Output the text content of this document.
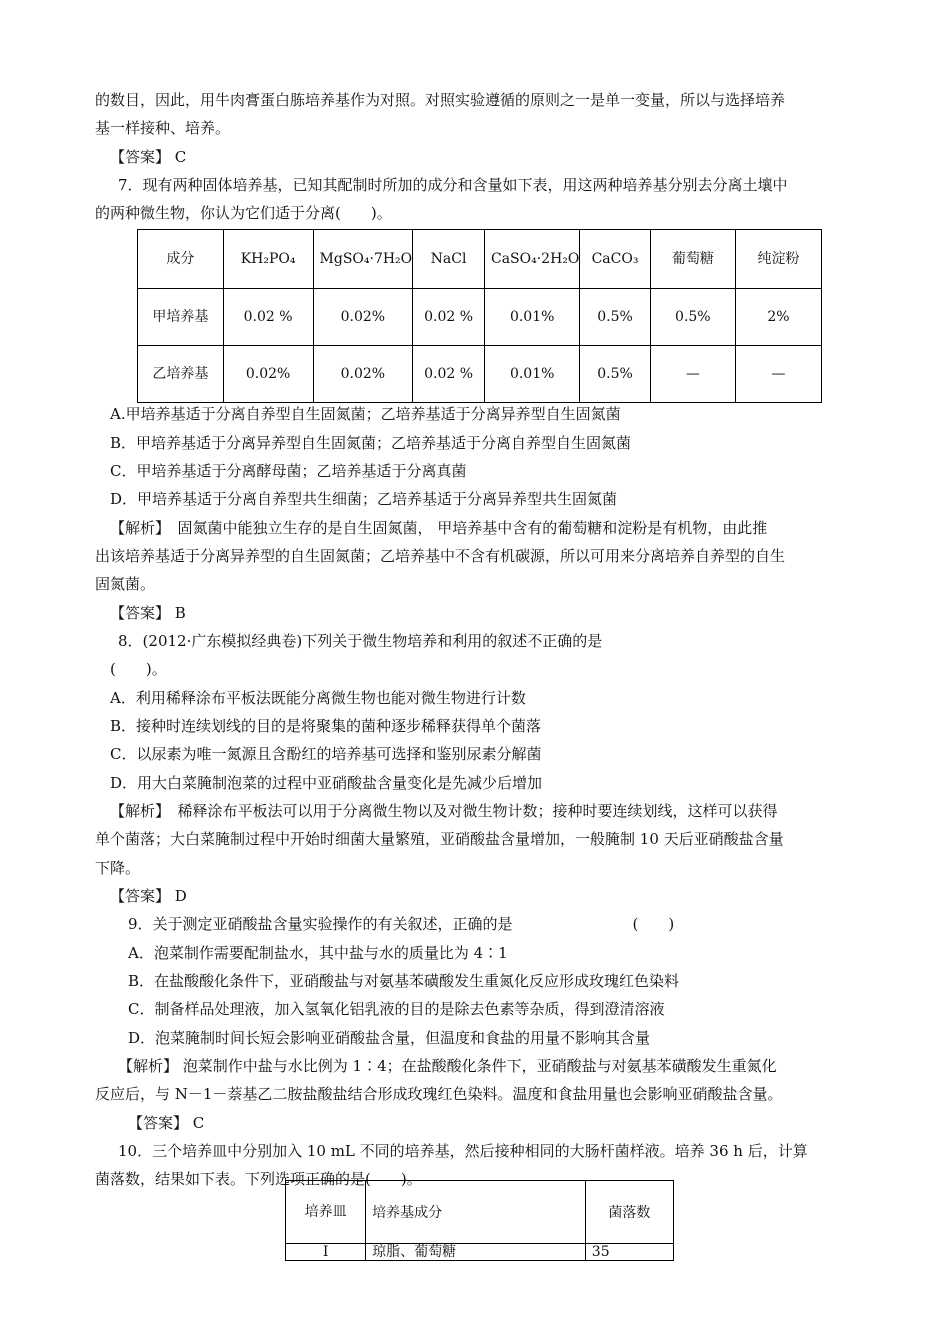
的数目，因此，用牛肉膏蛋白胨培养基作为对照。对照实验遵循的原则之一是单一变量，所以与选择培养
基一样接种、培养。
【答案】 C
7．现有两种固体培养基，已知其配制时所加的成分和含量如下表，用这两种培养基分别去分离土壤中
的两种微生物，你认为它们适于分离(　　)。
成分	KH₂PO₄	MgSO₄·7H₂O	NaCl	CaSO₄·2H₂O	CaCO₃	葡萄糖	纯淀粉
甲培养基	0.02 %	0.02%	0.02 %	0.01%	0.5%	0.5%	2%
乙培养基	0.02%	0.02%	0.02 %	0.01%	0.5%	—	—
A.甲培养基适于分离自养型自生固氮菌；乙培养基适于分离异养型自生固氮菌
B．甲培养基适于分离异养型自生固氮菌；乙培养基适于分离自养型自生固氮菌
C．甲培养基适于分离酵母菌；乙培养基适于分离真菌
D．甲培养基适于分离自养型共生细菌；乙培养基适于分离异养型共生固氮菌
【解析】　固氮菌中能独立生存的是自生固氮菌， 甲培养基中含有的葡萄糖和淀粉是有机物，由此推
出该培养基适于分离异养型的自生固氮菌；乙培养基中不含有机碳源，所以可用来分离培养自养型的自生
固氮菌。
【答案】 B
8．(2012·广东模拟经典卷)下列关于微生物培养和利用的叙述不正确的是
(　　)。
A．利用稀释涂布平板法既能分离微生物也能对微生物进行计数
B．接种时连续划线的目的是将聚集的菌种逐步稀释获得单个菌落
C．以尿素为唯一氮源且含酚红的培养基可选择和鉴别尿素分解菌
D．用大白菜腌制泡菜的过程中亚硝酸盐含量变化是先减少后增加
【解析】　稀释涂布平板法可以用于分离微生物以及对微生物计数；接种时要连续划线，这样可以获得
单个菌落；大白菜腌制过程中开始时细菌大量繁殖，亚硝酸盐含量增加，一般腌制 10 天后亚硝酸盐含量
下降。
【答案】 D
9．关于测定亚硝酸盐含量实验操作的有关叙述，正确的是　　　　　　　　(　　)
A．泡菜制作需要配制盐水，其中盐与水的质量比为 4∶1
B．在盐酸酸化条件下，亚硝酸盐与对氨基苯磺酸发生重氮化反应形成玫瑰红色染料
C．制备样品处理液，加入氢氧化铝乳液的目的是除去色素等杂质，得到澄清溶液
D．泡菜腌制时间长短会影响亚硝酸盐含量，但温度和食盐的用量不影响其含量
【解析】 泡菜制作中盐与水比例为 1∶4；在盐酸酸化条件下，亚硝酸盐与对氨基苯磺酸发生重氮化
反应后，与 N－1－萘基乙二胺盐酸盐结合形成玫瑰红色染料。温度和食盐用量也会影响亚硝酸盐含量。
【答案】 C
10．三个培养皿中分别加入 10 mL 不同的培养基，然后接种相同的大肠杆菌样液。培养 36 h 后，计算
菌落数，结果如下表。下列选项正确的是(　　)。
培养皿	培养基成分	菌落数
Ⅰ	琼脂、葡萄糖	35
